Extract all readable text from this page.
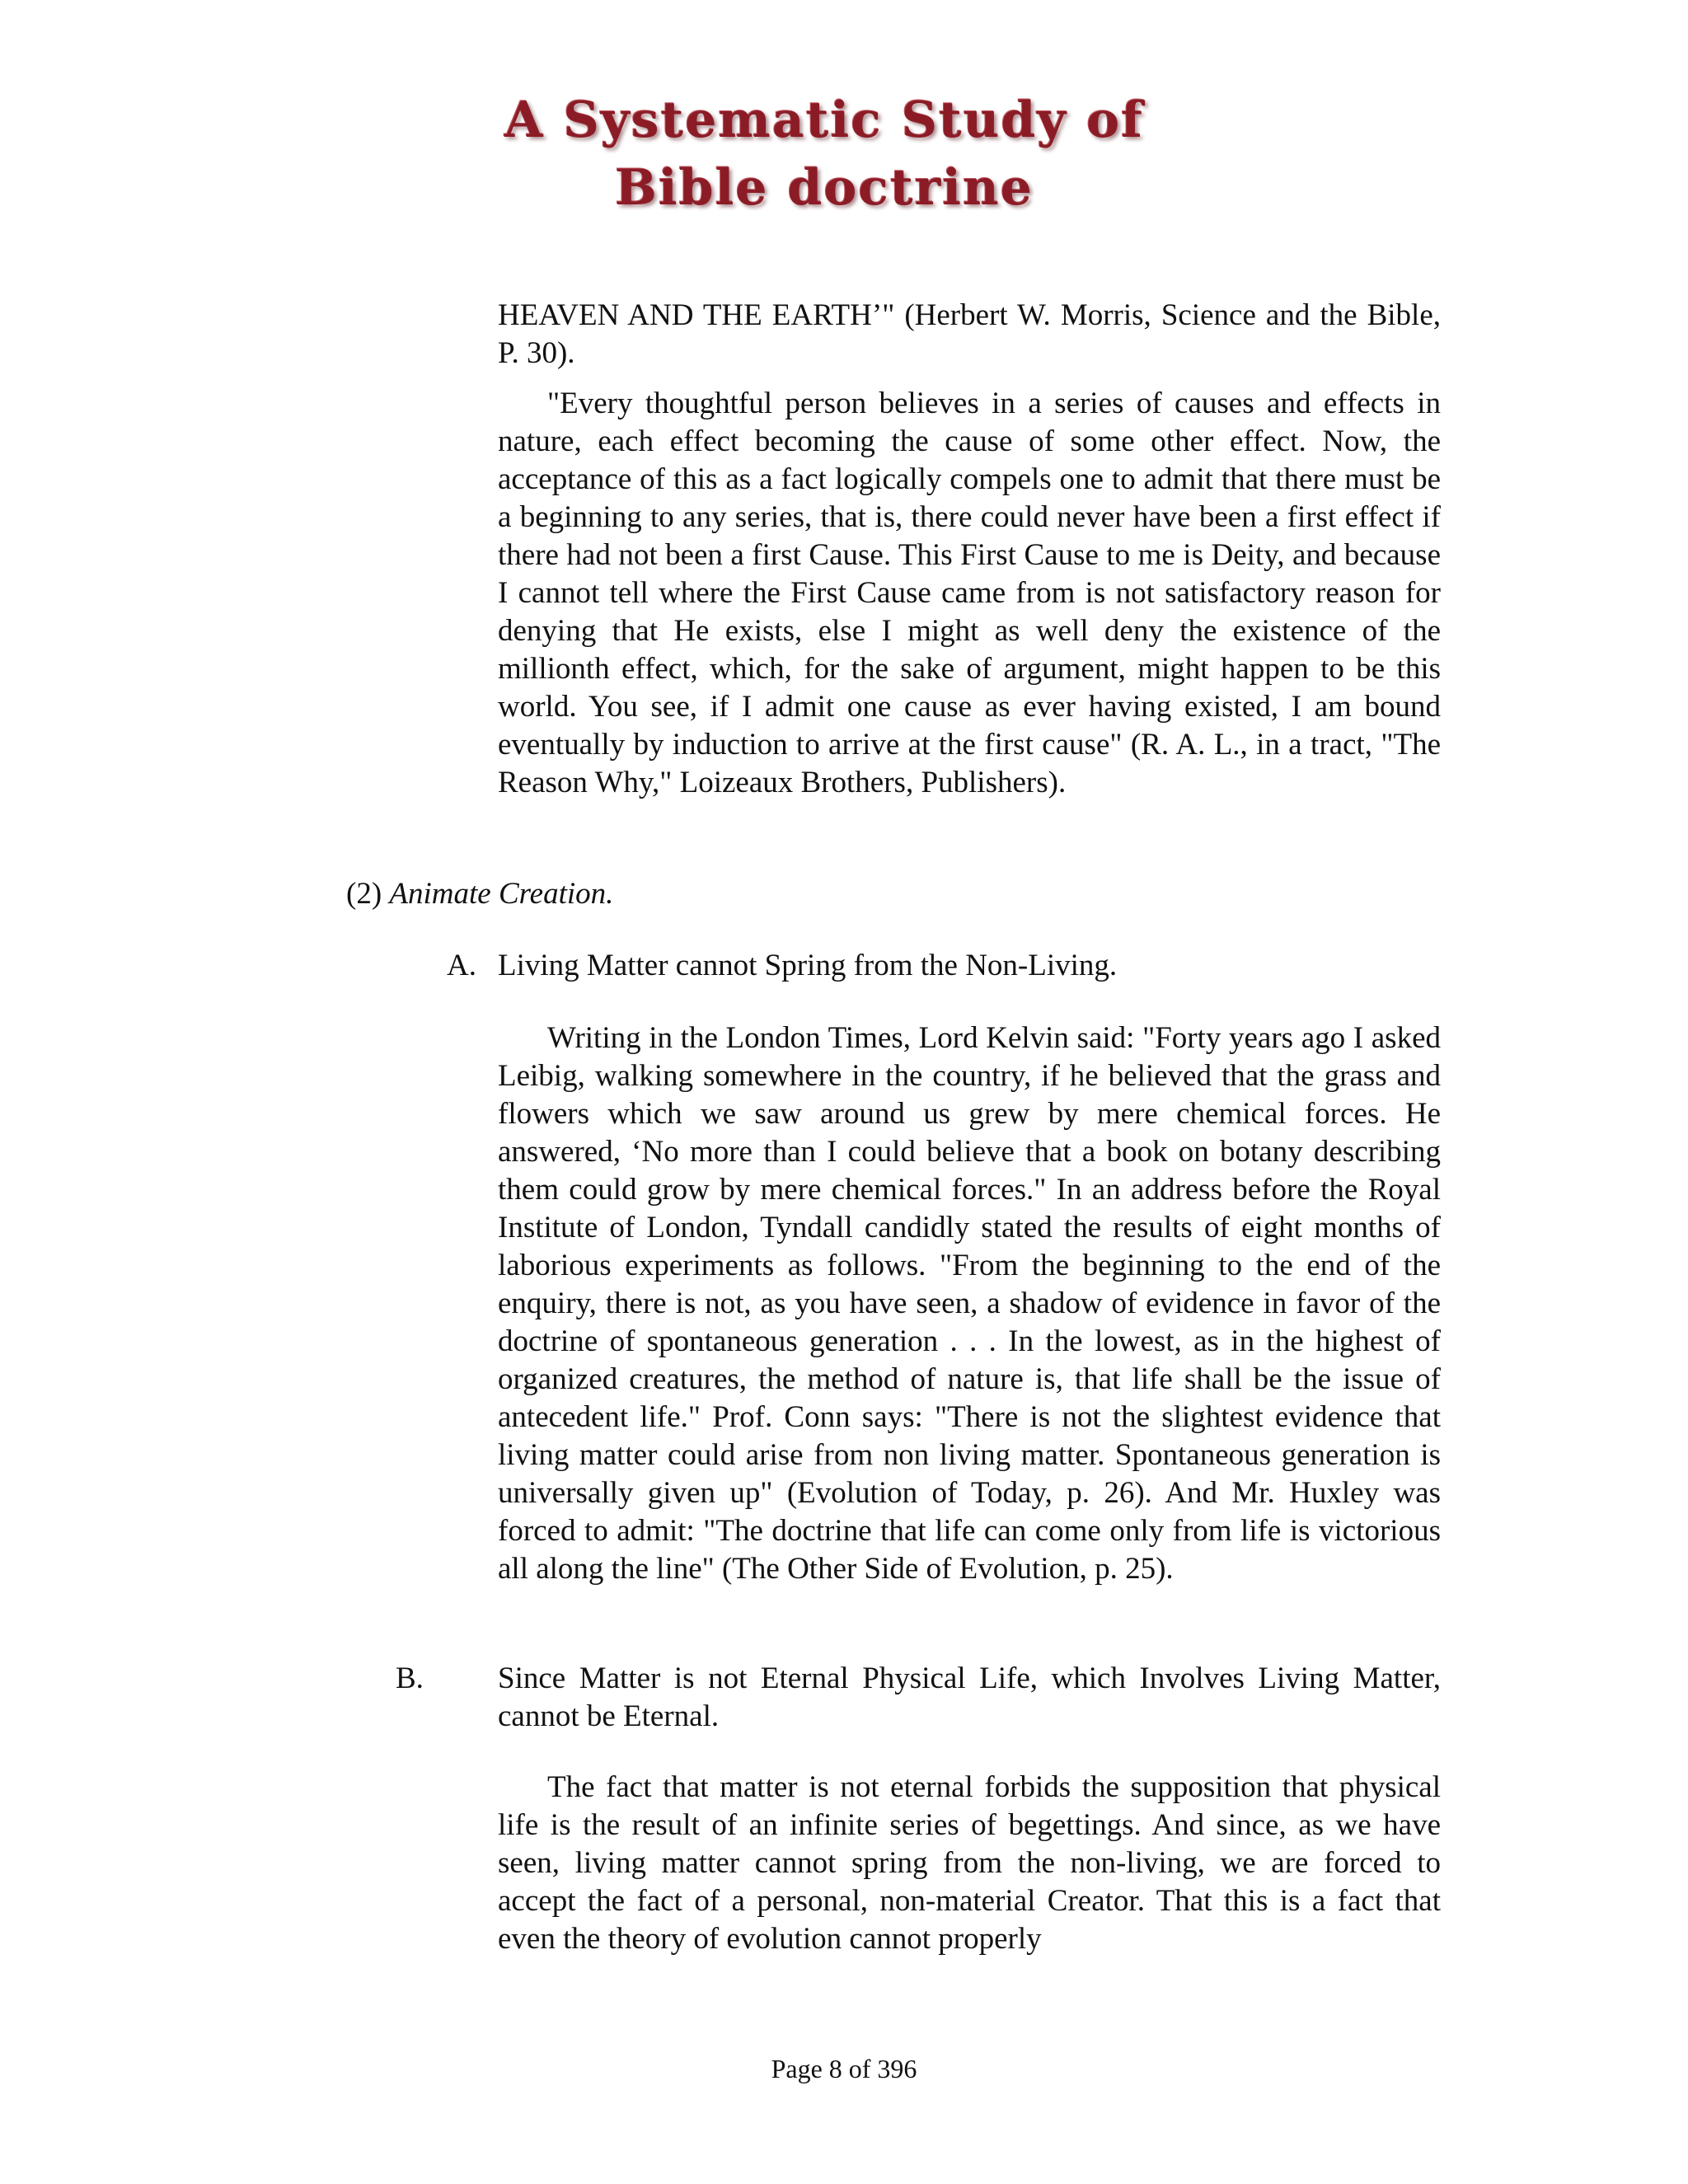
A Systematic Study of
Bible doctrine
HEAVEN AND THE EARTH’" (Herbert W. Morris, Science and the Bible, P. 30).
"Every thoughtful person believes in a series of causes and effects in nature, each effect becoming the cause of some other effect. Now, the acceptance of this as a fact logically compels one to admit that there must be a beginning to any series, that is, there could never have been a first effect if there had not been a first Cause. This First Cause to me is Deity, and because I cannot tell where the First Cause came from is not satisfactory reason for denying that He exists, else I might as well deny the existence of the millionth effect, which, for the sake of argument, might happen to be this world. You see, if I admit one cause as ever having existed, I am bound eventually by induction to arrive at the first cause" (R. A. L., in a tract, "The Reason Why," Loizeaux Brothers, Publishers).
(2) Animate Creation.
A. Living Matter cannot Spring from the Non-Living.
Writing in the London Times, Lord Kelvin said: "Forty years ago I asked Leibig, walking somewhere in the country, if he believed that the grass and flowers which we saw around us grew by mere chemical forces. He answered, ‘No more than I could believe that a book on botany describing them could grow by mere chemical forces." In an address before the Royal Institute of London, Tyndall candidly stated the results of eight months of laborious experiments as follows. "From the beginning to the end of the enquiry, there is not, as you have seen, a shadow of evidence in favor of the doctrine of spontaneous generation . . . In the lowest, as in the highest of organized creatures, the method of nature is, that life shall be the issue of antecedent life." Prof. Conn says: "There is not the slightest evidence that living matter could arise from non living matter. Spontaneous generation is universally given up" (Evolution of Today, p. 26). And Mr. Huxley was forced to admit: "The doctrine that life can come only from life is victorious all along the line" (The Other Side of Evolution, p. 25).
B. Since Matter is not Eternal Physical Life, which Involves Living Matter, cannot be Eternal.
The fact that matter is not eternal forbids the supposition that physical life is the result of an infinite series of begettings. And since, as we have seen, living matter cannot spring from the non-living, we are forced to accept the fact of a personal, non-material Creator. That this is a fact that even the theory of evolution cannot properly
Page 8 of 396
